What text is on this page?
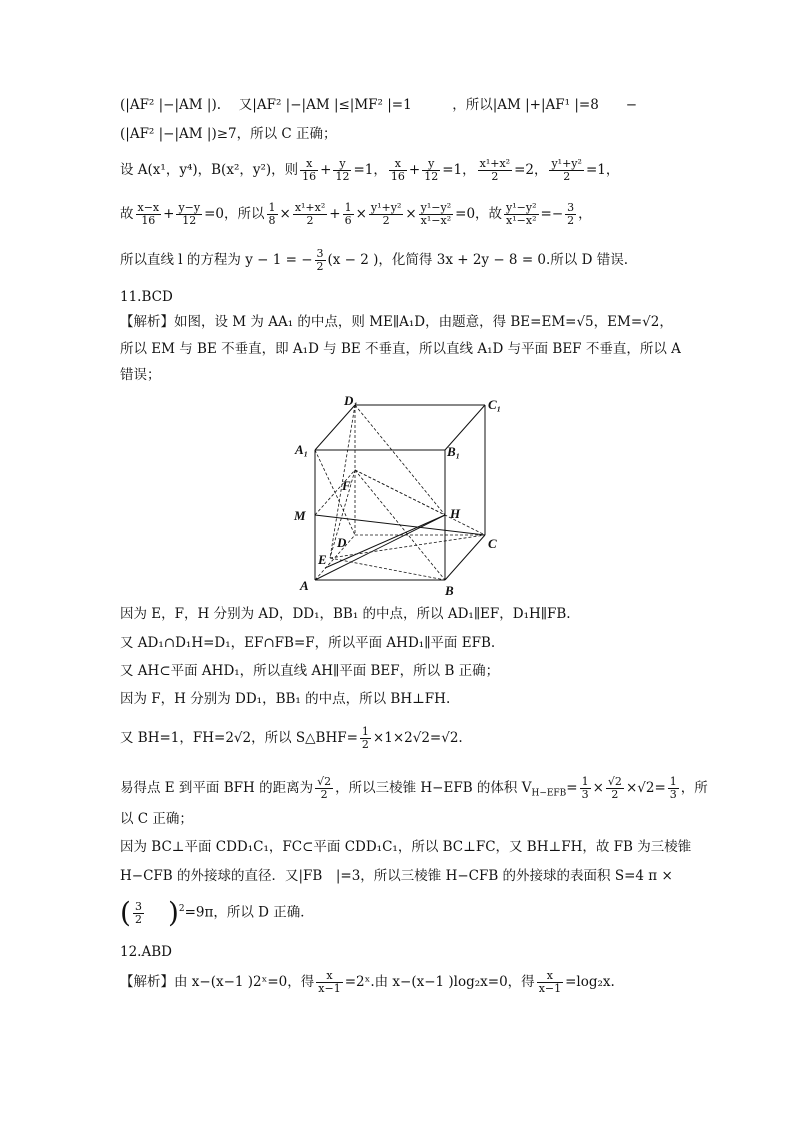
(|AF² |−|AM |).　 又|AF² |−|AM |≤|MF² |=1　　　，所以|AM |+|AF¹ |=8　　−
(|AF² |−|AM |)≥7，所以 C 正确；
设 A(x¹，y⁴)，B(x²，y²)，则 $\frac{x}{16} + \frac{y}{12} =1$， $\frac{x}{16} + \frac{y}{12} =1$， $\frac{\text{x¹+x²}}{2} =2$， $\frac{\text{y¹+y²}}{2} =1$，
故 $\frac{x-x}{16} + \frac{y-y}{12} =0$，所以 $\frac{1}{8} \times \frac{\text{x¹+x²}}{2} + \frac{1}{6} \times \frac{\text{y¹+y²}}{2} \times \frac{\text{y¹−y²}}{\text{x¹−x²}} =0$，故 $\frac{\text{y¹−y²}}{\text{x¹−x²}} =- \frac{3}{2}$ ，
所以直线 l 的方程为 y − 1 = − $\frac{3}{2} (x - 2$ )，化简得 3x + 2y − 8 = 0.所以 D 错误.
11.BCD
【解析】如图，设 M 为 AA₁ 的中点，则 ME∥A₁D，由题意，得 BE=EM=√5，EM=√2，
所以 EM 与 BE 不垂直，即 A₁D 与 BE 不垂直，所以直线 A₁D 与平面 BEF 不垂直，所以 A
错误；
D₁	C₁
A₁	B₁
F
H
M
D	C
E
A	B
因为 E，F，H 分别为 AD，DD₁，BB₁ 的中点，所以 AD₁∥EF，D₁H∥FB.
又 AD₁∩D₁H=D₁，EF∩FB=F，所以平面 AHD₁∥平面 EFB.
又 AH⊂平面 AHD₁，所以直线 AH∥平面 BEF，所以 B 正确；
因为 F，H 分别为 DD₁，BB₁ 的中点，所以 BH⊥FH.
又 BH=1，FH=2√2，所以 S△BHF= $\frac{1}{2} \times 1\times 2√2=√2$.
易得点 E 到平面 BFH 的距离为 $\frac{√2}{2}$ ，所以三棱锥 H−EFB 的体积 $V_{H-EFB}= \frac{1}{3} \times \frac{√2}{2} \times√2= \frac{1}{3}$ ，所
以 C 正确；
因为 BC⊥平面 CDD₁C₁，FC⊂平面 CDD₁C₁，所以 BC⊥FC，又 BH⊥FH，故 FB 为三棱锥
H−CFB 的外接球的直径．又|FB　|=3，所以三棱锥 H−CFB 的外接球的表面积 S=4 π ×
( $\frac{3}{2} )^2=9\pi$，所以 D 正确．
12.ABD
【解析】由 x−(x−1 )2ˣ=0，得 $\frac{x}{x-1}$ =2ˣ.由 x−(x−1 )log₂x=0，得 $\frac{x}{x-1} =\log_2x$.
